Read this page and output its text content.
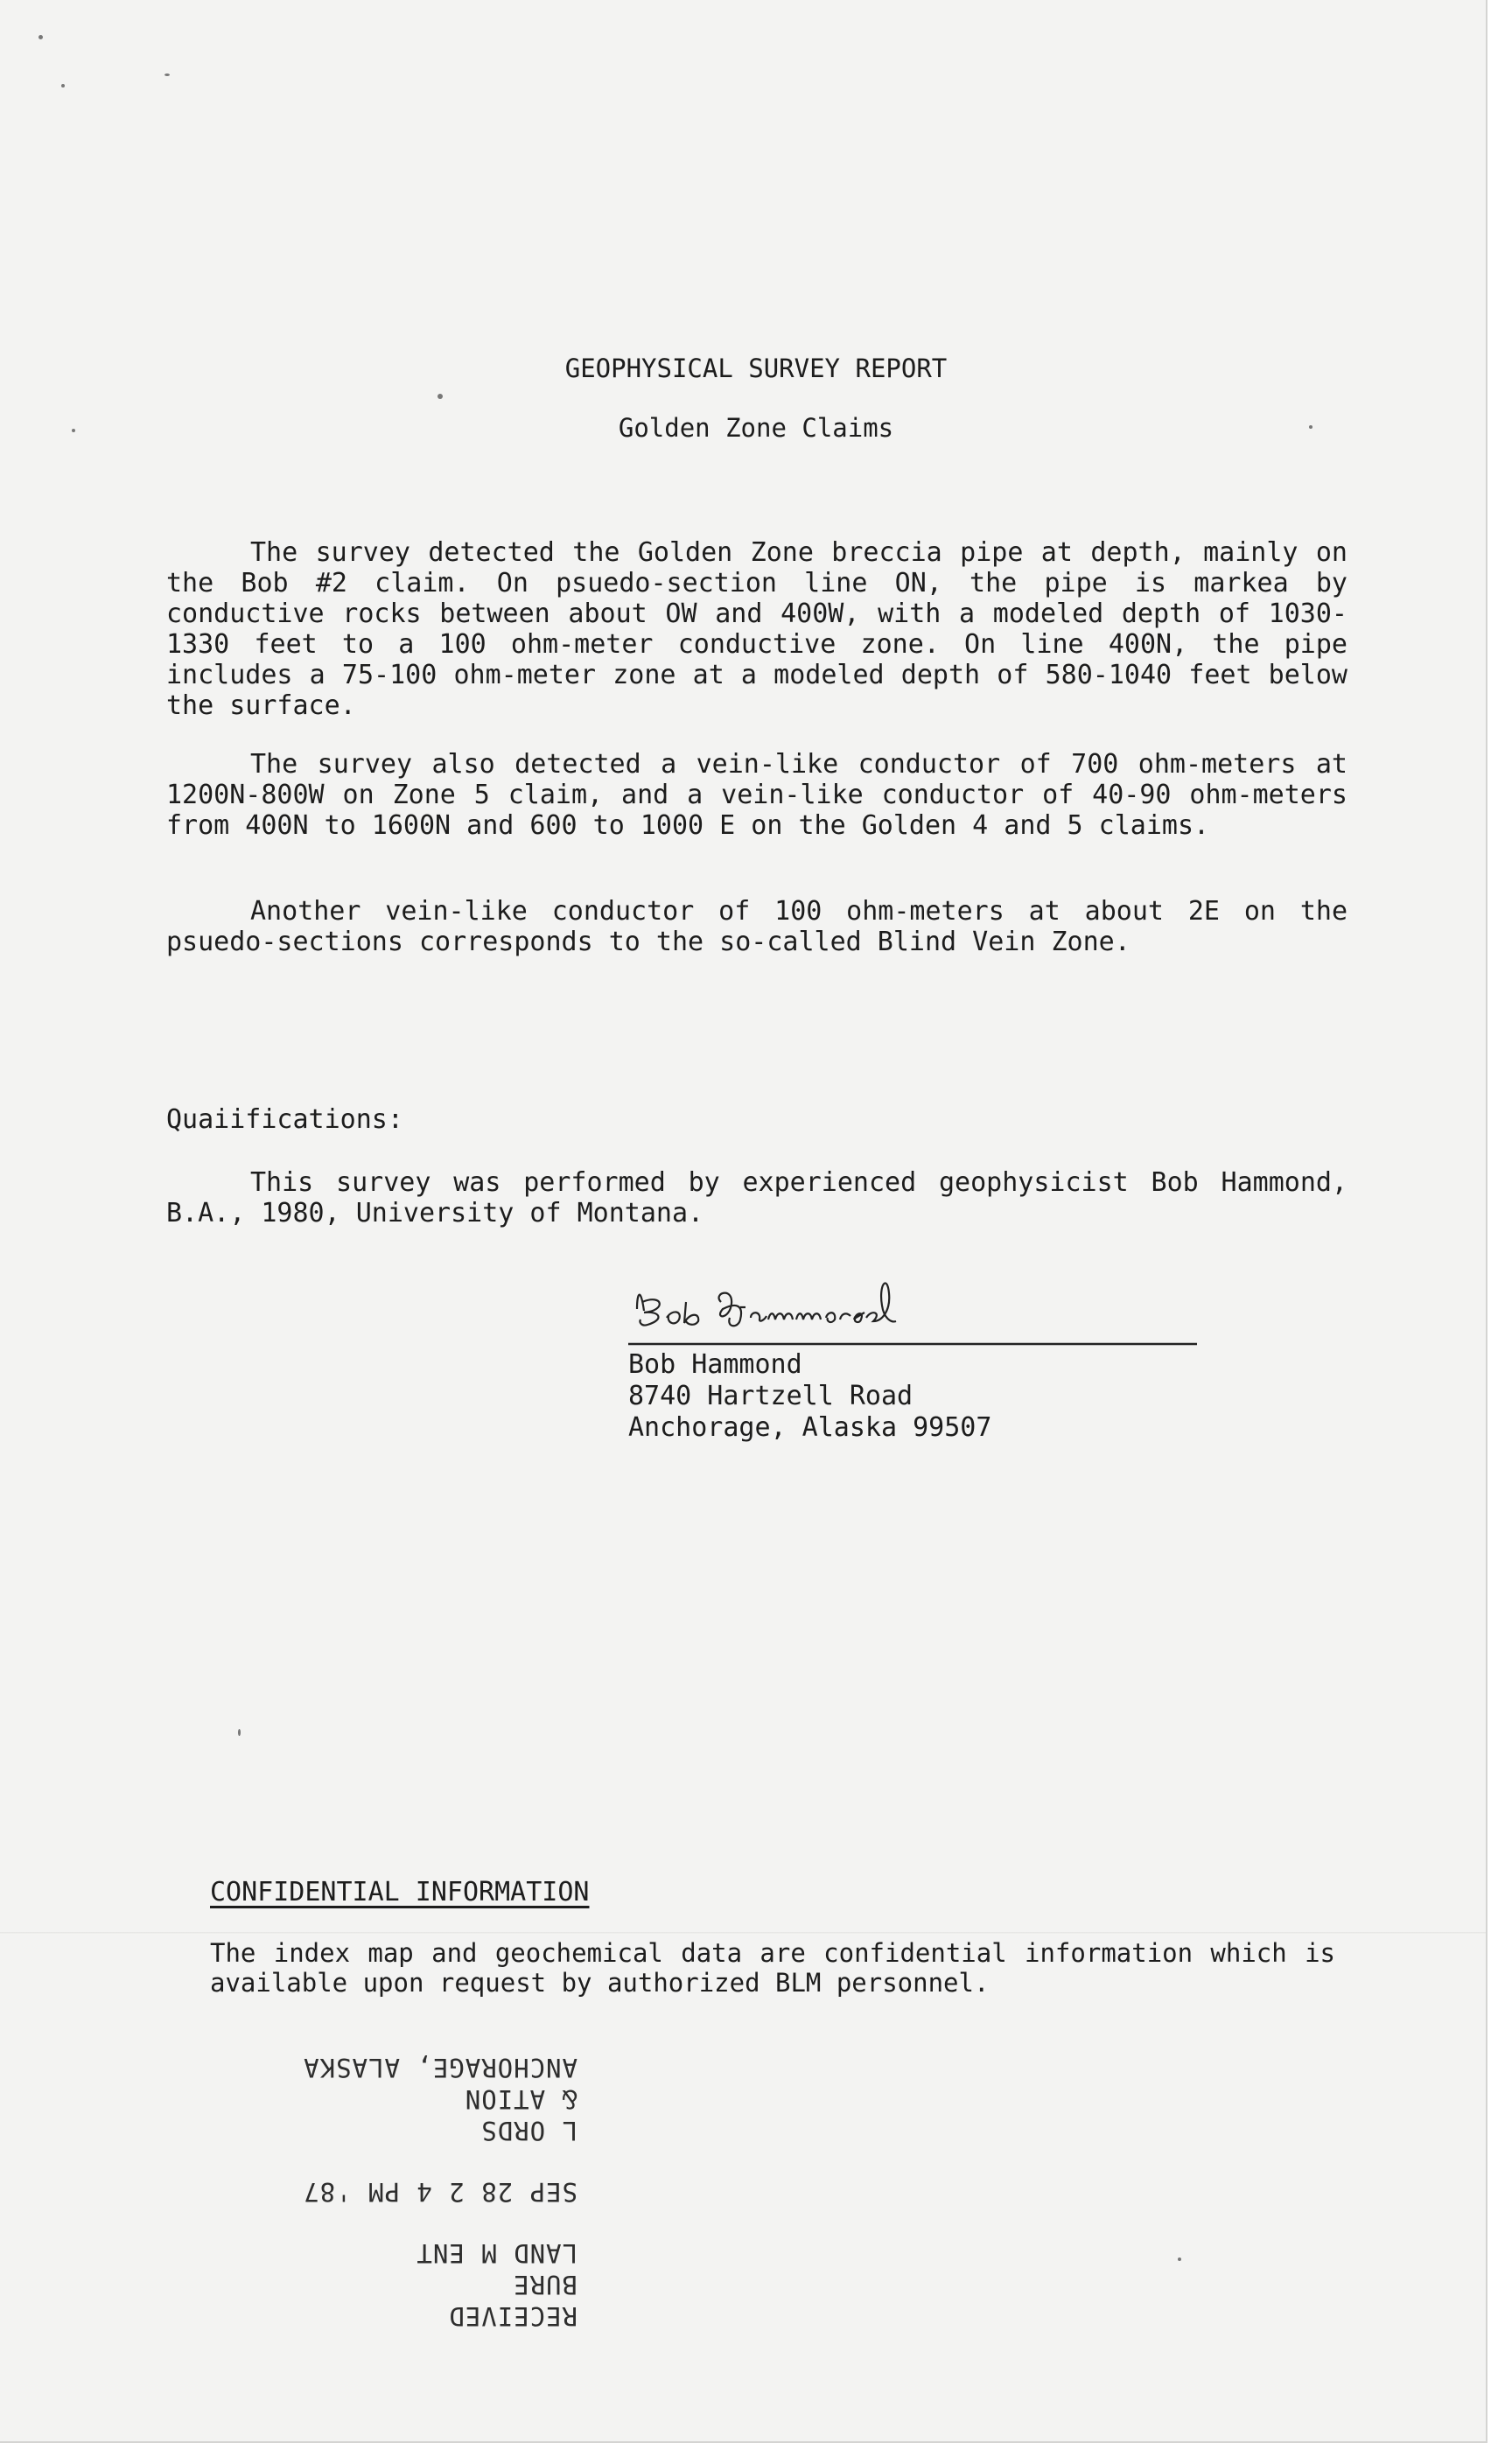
GEOPHYSICAL SURVEY REPORT
Golden Zone Claims

The survey detected the Golden Zone breccia pipe at depth, mainly on the Bob #2 claim. On psuedo-section line ON, the pipe is markea by conductive rocks between about OW and 400W, with a modeled depth of 1030-1330 feet to a 100 ohm-meter conductive zone. On line 400N, the pipe includes a 75-100 ohm-meter zone at a modeled depth of 580-1040 feet below the surface.

The survey also detected a vein-like conductor of 700 ohm-meters at 1200N-800W on Zone 5 claim, and a vein-like conductor of 40-90 ohm-meters from 400N to 1600N and 600 to 1000 E on the Golden 4 and 5 claims.

Another vein-like conductor of 100 ohm-meters at about 2E on the psuedo-sections corresponds to the so-called Blind Vein Zone.

Quaiifications:

This survey was performed by experienced geophysicist Bob Hammond, B.A., 1980, University of Montana.

Bob Hammond
8740 Hartzell Road
Anchorage, Alaska 99507
CONFIDENTIAL INFORMATION

The index map and geochemical data are confidential information which is available upon request by authorized BLM personnel.

RECEIVED
BURE
LAND M ENT
SEP 28 2 4 PM '87
L ORDS
& ATION
ANCHORAGE, ALASKA
